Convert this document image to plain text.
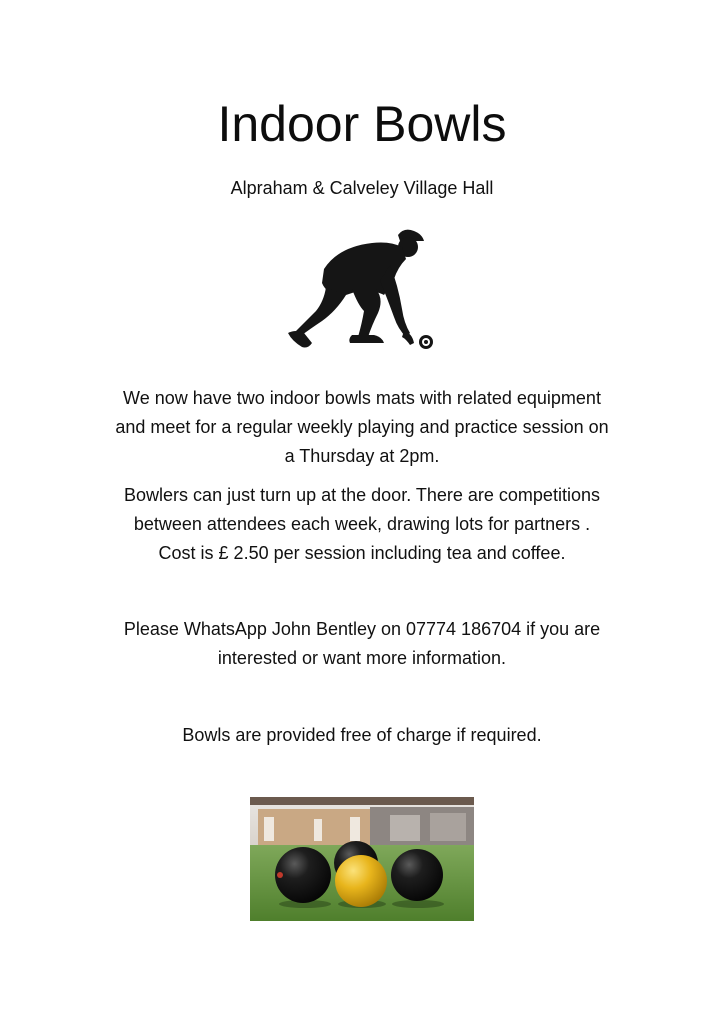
Indoor Bowls
Alpraham & Calveley Village Hall
We now have two indoor bowls mats with related equipment
and meet for a regular weekly playing and practice session on
a Thursday at 2pm.
Bowlers can just turn up at the door. There are competitions
between attendees each week, drawing lots for partners .
Cost is £ 2.50 per session including tea and coffee.
Please WhatsApp John Bentley on 07774 186704 if you are
interested or want more information.
Bowls are provided free of charge if required.
